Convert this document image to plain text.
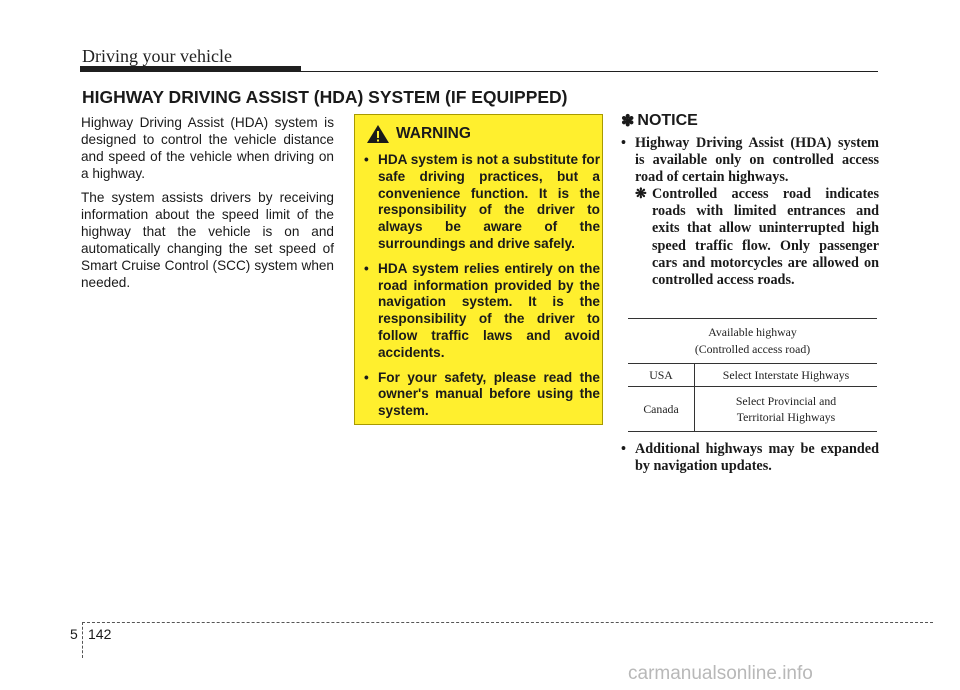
Driving your vehicle
HIGHWAY DRIVING ASSIST (HDA) SYSTEM (IF EQUIPPED)

Highway Driving Assist (HDA) system is designed to control the vehicle distance and speed of the vehicle when driving on a highway.

The system assists drivers by receiving information about the speed limit of the highway that the vehicle is on and automatically changing the set speed of Smart Cruise Control (SCC) system when needed.

WARNING
• HDA system is not a substitute for safe driving practices, but a convenience function. It is the responsibility of the driver to always be aware of the surroundings and drive safely.
• HDA system relies entirely on the road information provided by the navigation system. It is the responsibility of the driver to follow traffic laws and avoid accidents.
• For your safety, please read the owner's manual before using the system.
✽ NOTICE
• Highway Driving Assist (HDA) system is available only on controlled access road of certain highways.
❋ Controlled access road indicates roads with limited entrances and exits that allow uninterrupted high speed traffic flow. Only passenger cars and motorcycles are allowed on controlled access roads.
Available highway
(Controlled access road)	
USA	Select Interstate Highways
Canada	Select Provincial and
Territorial Highways
• Additional highways may be expanded by navigation updates.
5 142
carmanualsonline.info
